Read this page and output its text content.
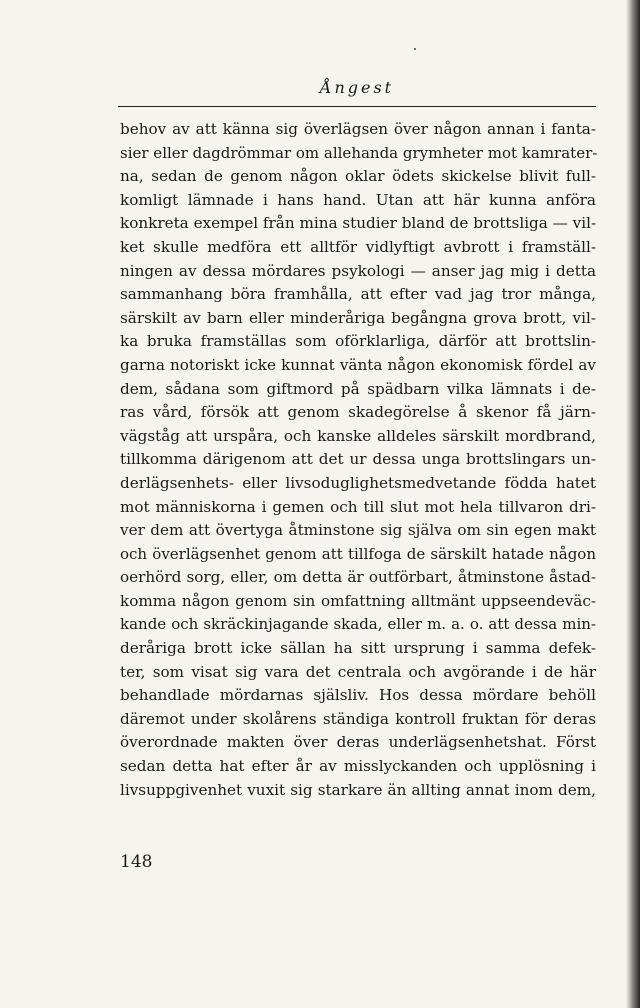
Ångest
behov av att känna sig överlägsen över någon annan i fanta-
sier eller dagdrömmar om allehanda grymheter mot kamrater-
na, sedan de genom någon oklar ödets skickelse blivit full-
komligt lämnade i hans hand. Utan att här kunna anföra
konkreta exempel från mina studier bland de brottsliga — vil-
ket skulle medföra ett alltför vidlyftigt avbrott i framställ-
ningen av dessa mördares psykologi — anser jag mig i detta
sammanhang böra framhålla, att efter vad jag tror många,
särskilt av barn eller minderåriga begångna grova brott, vil-
ka bruka framställas som oförklarliga, därför att brottslin-
garna notoriskt icke kunnat vänta någon ekonomisk fördel av
dem, sådana som giftmord på spädbarn vilka lämnats i de-
ras vård, försök att genom skadegörelse å skenor få järn-
vägståg att urspåra, och kanske alldeles särskilt mordbrand,
tillkomma därigenom att det ur dessa unga brottslingars un-
derlägsenhets- eller livsoduglighetsmedvetande födda hatet
mot människorna i gemen och till slut mot hela tillvaron dri-
ver dem att övertyga åtminstone sig själva om sin egen makt
och överlägsenhet genom att tillfoga de särskilt hatade någon
oerhörd sorg, eller, om detta är outförbart, åtminstone åstad-
komma någon genom sin omfattning alltmänt uppseendeväc-
kande och skräckinjagande skada, eller m. a. o. att dessa min-
deråriga brott icke sällan ha sitt ursprung i samma defek-
ter, som visat sig vara det centrala och avgörande i de här
behandlade mördarnas själsliv. Hos dessa mördare behöll
däremot under skolårens ständiga kontroll fruktan för deras
överordnade makten över deras underlägsenhetshat. Först
sedan detta hat efter år av misslyckanden och upplösning i
livsuppgivenhet vuxit sig starkare än allting annat inom dem,
148
